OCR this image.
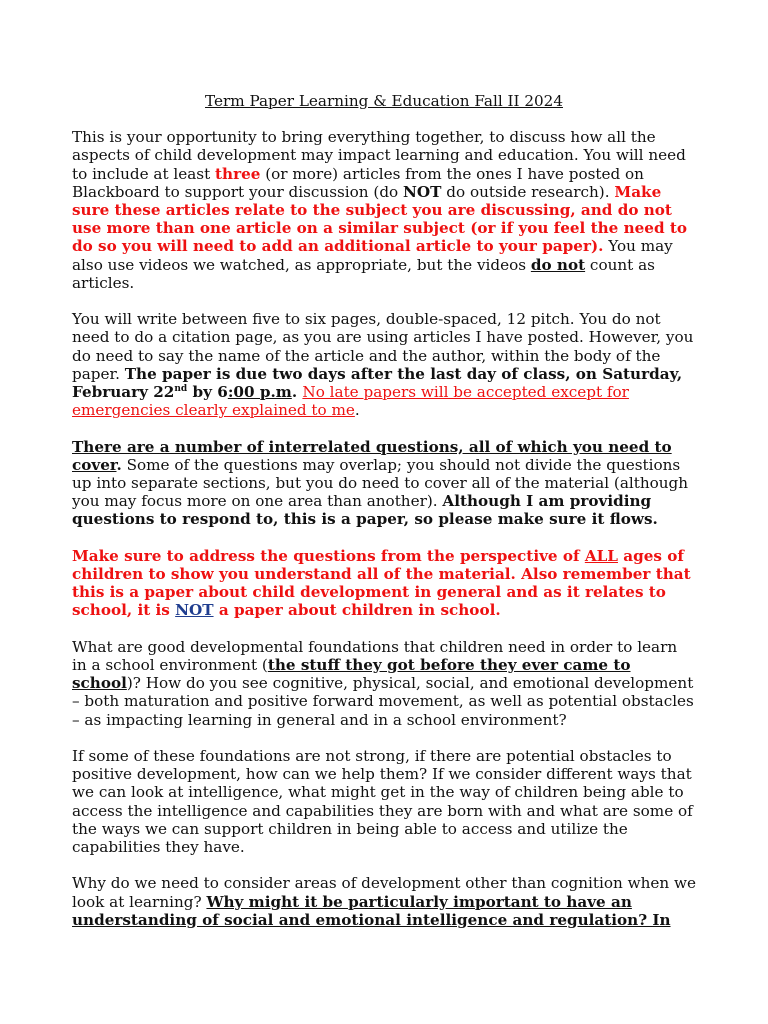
Term Paper Learning & Education Fall II 2024

This is your opportunity to bring everything together, to discuss how all the aspects of child development may impact learning and education. You will need to include at least three (or more) articles from the ones I have posted on Blackboard to support your discussion (do NOT do outside research). Make sure these articles relate to the subject you are discussing, and do not use more than one article on a similar subject (or if you feel the need to do so you will need to add an additional article to your paper). You may also use videos we watched, as appropriate, but the videos do not count as articles.

You will write between five to six pages, double-spaced, 12 pitch. You do not need to do a citation page, as you are using articles I have posted. However, you do need to say the name of the article and the author, within the body of the paper. The paper is due two days after the last day of class, on Saturday, February 22nd by 6:00 p.m. No late papers will be accepted except for emergencies clearly explained to me.

There are a number of interrelated questions, all of which you need to cover. Some of the questions may overlap; you should not divide the questions up into separate sections, but you do need to cover all of the material (although you may focus more on one area than another). Although I am providing questions to respond to, this is a paper, so please make sure it flows.

Make sure to address the questions from the perspective of ALL ages of children to show you understand all of the material. Also remember that this is a paper about child development in general and as it relates to school, it is NOT a paper about children in school.

What are good developmental foundations that children need in order to learn in a school environment (the stuff they got before they ever came to school)? How do you see cognitive, physical, social, and emotional development – both maturation and positive forward movement, as well as potential obstacles – as impacting learning in general and in a school environment?

If some of these foundations are not strong, if there are potential obstacles to positive development, how can we help them? If we consider different ways that we can look at intelligence, what might get in the way of children being able to access the intelligence and capabilities they are born with and what are some of the ways we can support children in being able to access and utilize the capabilities they have.

Why do we need to consider areas of development other than cognition when we look at learning? Why might it be particularly important to have an understanding of social and emotional intelligence and regulation? In
